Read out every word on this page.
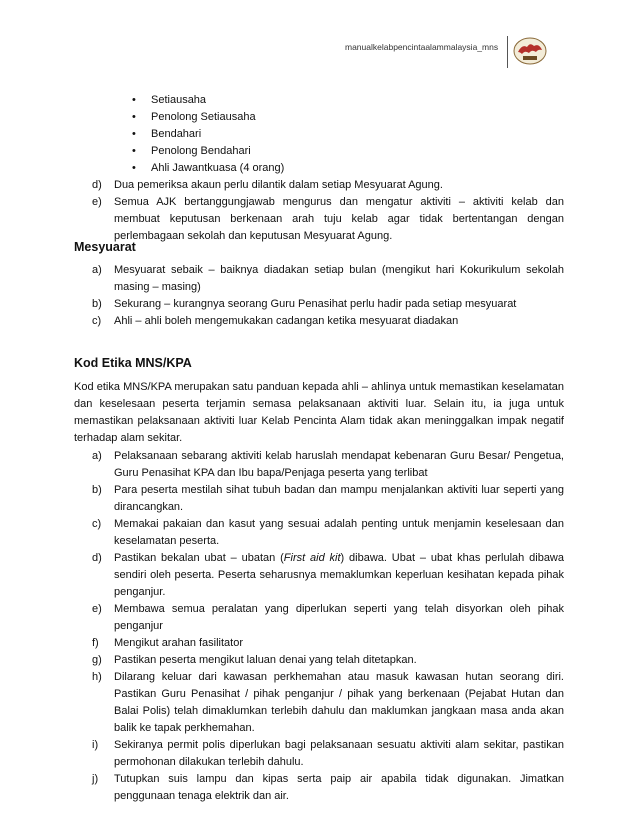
manualkelabpencintaalammalaysia_mns
• Setiausaha
• Penolong Setiausaha
• Bendahari
• Penolong Bendahari
• Ahli Jawantkuasa (4 orang)
d) Dua pemeriksa akaun perlu dilantik dalam setiap Mesyuarat Agung.
e) Semua AJK bertanggungjawab mengurus dan mengatur aktiviti – aktiviti kelab dan membuat keputusan berkenaan arah tuju kelab agar tidak bertentangan dengan perlembagaan sekolah dan keputusan Mesyuarat Agung.
Mesyuarat
a) Mesyuarat sebaik – baiknya diadakan setiap bulan (mengikut hari Kokurikulum sekolah masing – masing)
b) Sekurang – kurangnya seorang Guru Penasihat perlu hadir pada setiap mesyuarat
c) Ahli – ahli boleh mengemukakan cadangan ketika mesyuarat diadakan
Kod Etika MNS/KPA

Kod etika MNS/KPA merupakan satu panduan kepada ahli – ahlinya untuk memastikan keselamatan dan keselesaan peserta terjamin semasa pelaksanaan aktiviti luar. Selain itu, ia juga untuk memastikan pelaksanaan aktiviti luar Kelab Pencinta Alam tidak akan meninggalkan impak negatif terhadap alam sekitar.

a) Pelaksanaan sebarang aktiviti kelab haruslah mendapat kebenaran Guru Besar/ Pengetua, Guru Penasihat KPA dan Ibu bapa/Penjaga peserta yang terlibat
b) Para peserta mestilah sihat tubuh badan dan mampu menjalankan aktiviti luar seperti yang dirancangkan.
c) Memakai pakaian dan kasut yang sesuai adalah penting untuk menjamin keselesaan dan keselamatan peserta.
d) Pastikan bekalan ubat – ubatan (First aid kit) dibawa. Ubat – ubat khas perlulah dibawa sendiri oleh peserta. Peserta seharusnya memaklumkan keperluan kesihatan kepada pihak penganjur.
e) Membawa semua peralatan yang diperlukan seperti yang telah disyorkan oleh pihak penganjur
f) Mengikut arahan fasilitator
g) Pastikan peserta mengikut laluan denai yang telah ditetapkan.
h) Dilarang keluar dari kawasan perkhemahan atau masuk kawasan hutan seorang diri. Pastikan Guru Penasihat / pihak penganjur / pihak yang berkenaan (Pejabat Hutan dan Balai Polis) telah dimaklumkan terlebih dahulu dan maklumkan jangkaan masa anda akan balik ke tapak perkhemahan.
i) Sekiranya permit polis diperlukan bagi pelaksanaan sesuatu aktiviti alam sekitar, pastikan permohonan dilakukan terlebih dahulu.
j) Tutupkan suis lampu dan kipas serta paip air apabila tidak digunakan. Jimatkan penggunaan tenaga elektrik dan air.
